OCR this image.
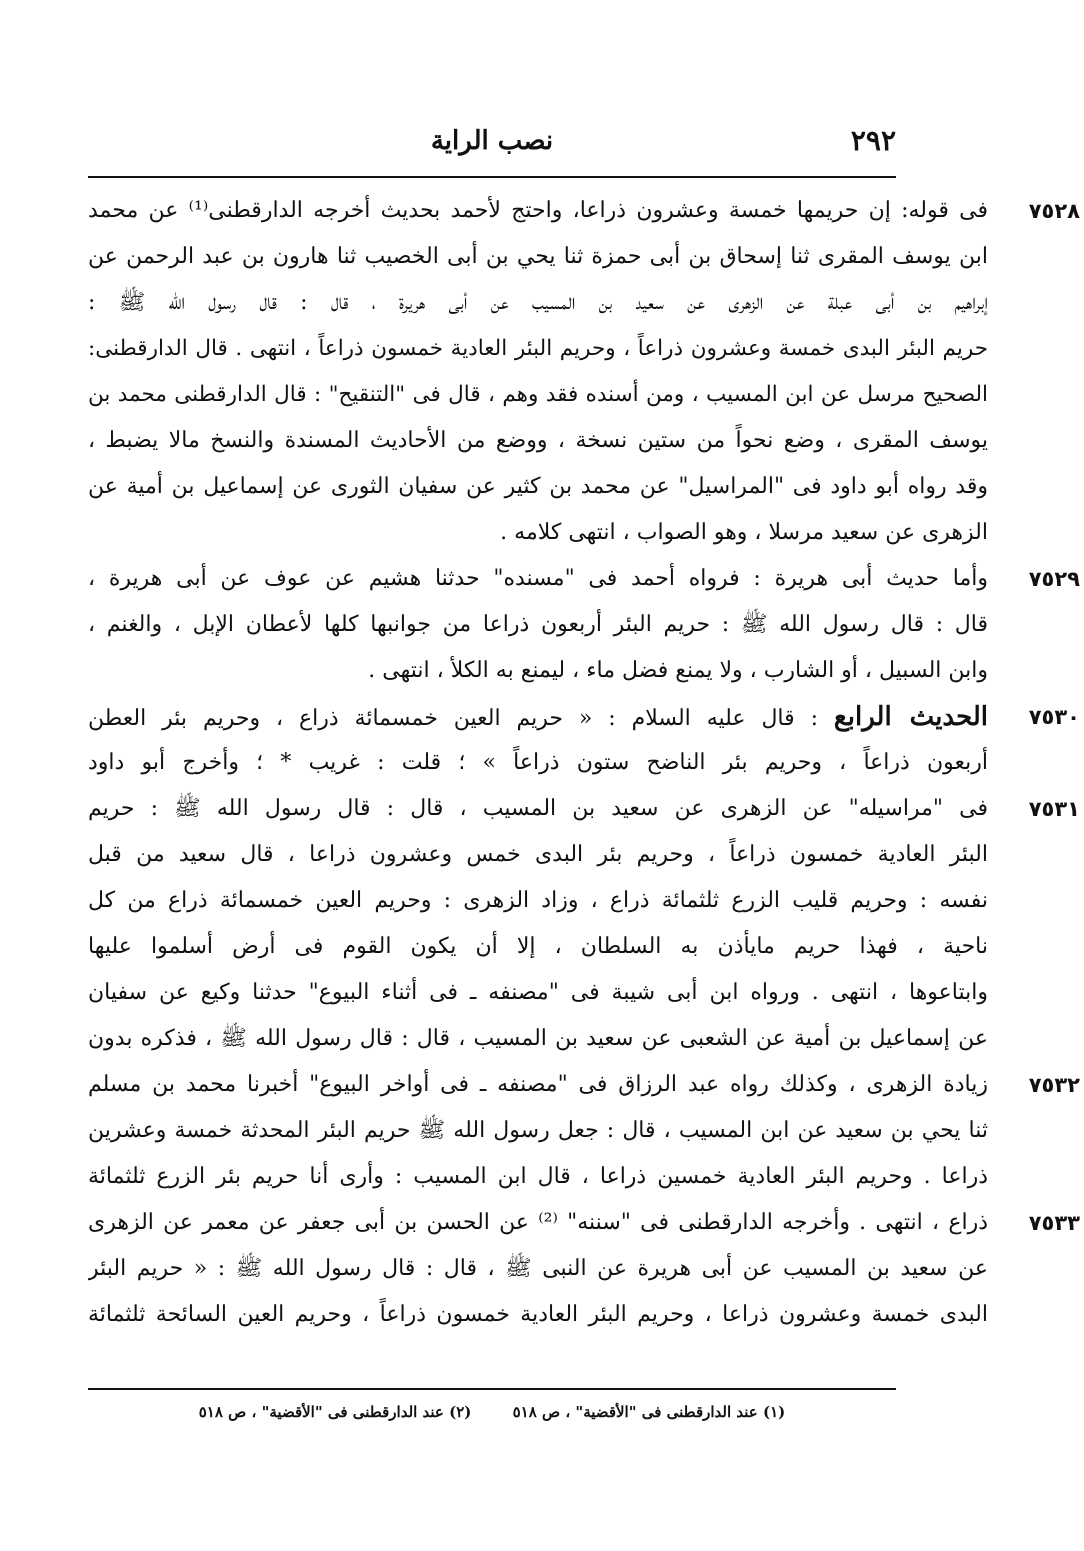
٢٩٢
نصب الراية
٧٥٢٨
فى قوله: إن حريمها خمسة وعشرون ذراعا، واحتج لأحمد بحديث أخرجه الدارقطنى⁽¹⁾ عن محمد
ابن يوسف المقرى ثنا إسحاق بن أبى حمزة ثنا يحي بن أبى الخصيب ثنا هارون بن عبد الرحمن عن
إبراهيم بن أبى عبلة عن الزهرى عن سعيد بن المسيب عن أبى هريرة ، قال : قال رسول الله ﷺ :
حريم البئر البدى خمسة وعشرون ذراعاً ، وحريم البئر العادية خمسون ذراعاً ، انتهى . قال الدارقطنى:
الصحيح مرسل عن ابن المسيب ، ومن أسنده فقد وهم ، قال فى "التنقيح" : قال الدارقطنى محمد بن
يوسف المقرى ، وضع نحواً من ستين نسخة ، ووضع من الأحاديث المسندة والنسخ مالا يضبط ،
وقد رواه أبو داود فى "المراسيل" عن محمد بن كثير عن سفيان الثورى عن إسماعيل بن أمية عن
الزهرى عن سعيد مرسلا ، وهو الصواب ، انتهى كلامه .
٧٥٢٩
وأما حديث أبى هريرة : فرواه أحمد فى "مسنده" حدثنا هشيم عن عوف عن أبى هريرة ،
قال : قال رسول الله ﷺ : حريم البئر أربعون ذراعا من جوانبها كلها لأعطان الإبل ، والغنم ،
وابن السبيل ، أو الشارب ، ولا يمنع فضل ماء ، ليمنع به الكلأ ، انتهى .
٧٥٣٠
الحديث الرابع : قال عليه السلام : « حريم العين خمسمائة ذراع ، وحريم بئر العطن
أربعون ذراعاً ، وحريم بئر الناضح ستون ذراعاً » ؛ قلت : غريب * ؛ وأخرج أبو داود
٧٥٣١
فى "مراسيله" عن الزهرى عن سعيد بن المسيب ، قال : قال رسول الله ﷺ : حريم
البئر العادية خمسون ذراعاً ، وحريم بئر البدى خمس وعشرون ذراعا ، قال سعيد من قبل
نفسه : وحريم قليب الزرع ثلثمائة ذراع ، وزاد الزهرى : وحريم العين خمسمائة ذراع من كل
ناحية ، فهذا حريم مايأذن به السلطان ، إلا أن يكون القوم فى أرض أسلموا عليها
وابتاعوها ، انتهى . ورواه ابن أبى شيبة فى "مصنفه ـ فى أثناء البيوع" حدثنا وكيع عن سفيان
عن إسماعيل بن أمية عن الشعبى عن سعيد بن المسيب ، قال : قال رسول الله ﷺ ، فذكره بدون
٧٥٣٢
زيادة الزهرى ، وكذلك رواه عبد الرزاق فى "مصنفه ـ فى أواخر البيوع" أخبرنا محمد بن مسلم
ثنا يحي بن سعيد عن ابن المسيب ، قال : جعل رسول الله ﷺ حريم البئر المحدثة خمسة وعشرين
ذراعا . وحريم البئر العادية خمسين ذراعا ، قال ابن المسيب : وأرى أنا حريم بئر الزرع ثلثمائة
٧٥٣٣
ذراع ، انتهى . وأخرجه الدارقطنى فى "سننه" ⁽²⁾ عن الحسن بن أبى جعفر عن معمر عن الزهرى
عن سعيد بن المسيب عن أبى هريرة عن النبى ﷺ ، قال : قال رسول الله ﷺ : « حريم البئر
البدى خمسة وعشرون ذراعا ، وحريم البئر العادية خمسون ذراعاً ، وحريم العين السائحة ثلثمائة
(١) عند الدارقطنى فى "الأقضية" ، ص ٥١٨ (٢) عند الدارقطنى فى "الأقضية" ، ص ٥١٨
